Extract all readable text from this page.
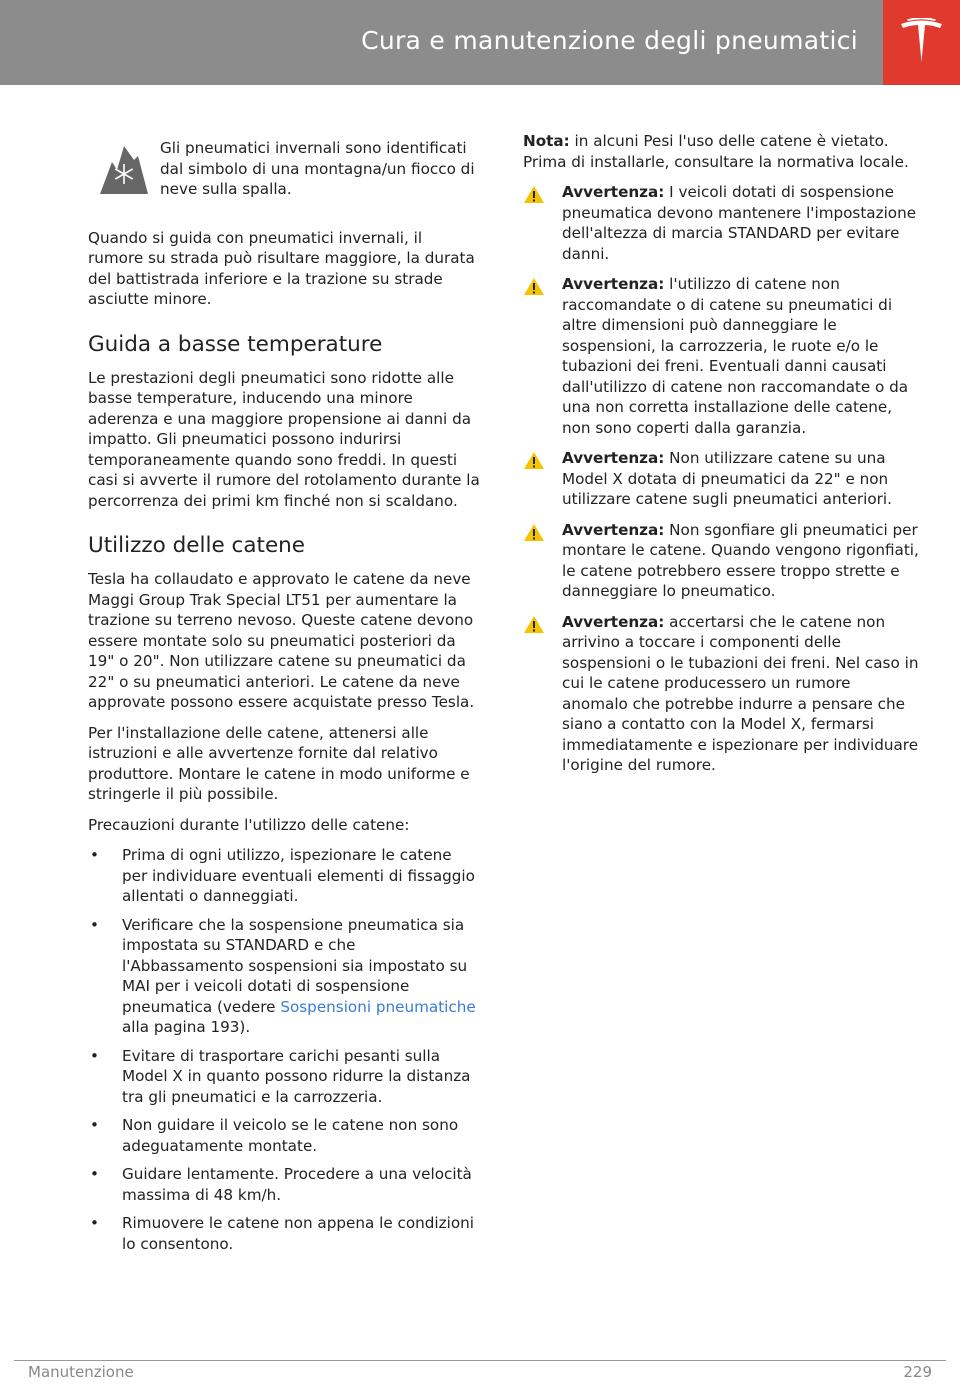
Cura e manutenzione degli pneumatici
Gli pneumatici invernali sono identificati dal simbolo di una montagna/un fiocco di neve sulla spalla.

Quando si guida con pneumatici invernali, il rumore su strada può risultare maggiore, la durata del battistrada inferiore e la trazione su strade asciutte minore.

Guida a basse temperature

Le prestazioni degli pneumatici sono ridotte alle basse temperature, inducendo una minore aderenza e una maggiore propensione ai danni da impatto. Gli pneumatici possono indurirsi temporaneamente quando sono freddi. In questi casi si avverte il rumore del rotolamento durante la percorrenza dei primi km finché non si scaldano.

Utilizzo delle catene

Tesla ha collaudato e approvato le catene da neve Maggi Group Trak Special LT51 per aumentare la trazione su terreno nevoso. Queste catene devono essere montate solo su pneumatici posteriori da 19" o 20". Non utilizzare catene su pneumatici da 22" o su pneumatici anteriori. Le catene da neve approvate possono essere acquistate presso Tesla.

Per l'installazione delle catene, attenersi alle istruzioni e alle avvertenze fornite dal relativo produttore. Montare le catene in modo uniforme e stringerle il più possibile.

Precauzioni durante l'utilizzo delle catene:

• Prima di ogni utilizzo, ispezionare le catene per individuare eventuali elementi di fissaggio allentati o danneggiati.
• Verificare che la sospensione pneumatica sia impostata su STANDARD e che l'Abbassamento sospensioni sia impostato su MAI per i veicoli dotati di sospensione pneumatica (vedere Sospensioni pneumatiche alla pagina 193).
• Evitare di trasportare carichi pesanti sulla Model X in quanto possono ridurre la distanza tra gli pneumatici e la carrozzeria.
• Non guidare il veicolo se le catene non sono adeguatamente montate.
• Guidare lentamente. Procedere a una velocità massima di 48 km/h.
• Rimuovere le catene non appena le condizioni lo consentono.

Nota: in alcuni Pesi l'uso delle catene è vietato. Prima di installarle, consultare la normativa locale.

Avvertenza: I veicoli dotati di sospensione pneumatica devono mantenere l'impostazione dell'altezza di marcia STANDARD per evitare danni.
Avvertenza: l'utilizzo di catene non raccomandate o di catene su pneumatici di altre dimensioni può danneggiare le sospensioni, la carrozzeria, le ruote e/o le tubazioni dei freni. Eventuali danni causati dall'utilizzo di catene non raccomandate o da una non corretta installazione delle catene, non sono coperti dalla garanzia.
Avvertenza: Non utilizzare catene su una Model X dotata di pneumatici da 22" e non utilizzare catene sugli pneumatici anteriori.
Avvertenza: Non sgonfiare gli pneumatici per montare le catene. Quando vengono rigonfiati, le catene potrebbero essere troppo strette e danneggiare lo pneumatico.
Avvertenza: accertarsi che le catene non arrivino a toccare i componenti delle sospensioni o le tubazioni dei freni. Nel caso in cui le catene producessero un rumore anomalo che potrebbe indurre a pensare che siano a contatto con la Model X, fermarsi immediatamente e ispezionare per individuare l'origine del rumore.
Manutenzione	229
